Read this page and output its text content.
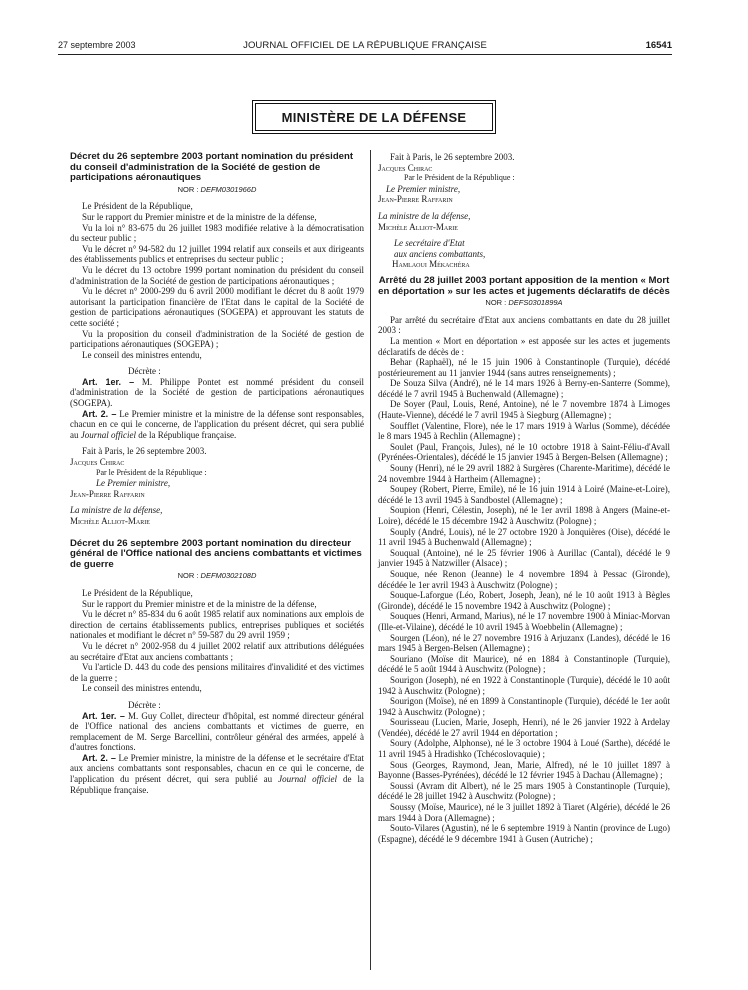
27 septembre 2003	JOURNAL OFFICIEL DE LA RÉPUBLIQUE FRANÇAISE	16541
MINISTÈRE DE LA DÉFENSE
Décret du 26 septembre 2003 portant nomination du président du conseil d'administration de la Société de gestion de participations aéronautiques
NOR : DEFM0301966D

Le Président de la République,

Sur le rapport du Premier ministre et de la ministre de la défense,

Vu la loi n° 83-675 du 26 juillet 1983 modifiée relative à la démocratisation du secteur public ;

Vu le décret n° 94-582 du 12 juillet 1994 relatif aux conseils et aux dirigeants des établissements publics et entreprises du secteur public ;

Vu le décret du 13 octobre 1999 portant nomination du président du conseil d'administration de la Société de gestion de participations aéronautiques ;

Vu le décret n° 2000-299 du 6 avril 2000 modifiant le décret du 8 août 1979 autorisant la participation financière de l'Etat dans le capital de la Société de gestion de participations aéronautiques (SOGEPA) et approuvant les statuts de cette société ;

Vu la proposition du conseil d'administration de la Société de gestion de participations aéronautiques (SOGEPA) ;

Le conseil des ministres entendu,

Décrète :

Art. 1er. – M. Philippe Pontet est nommé président du conseil d'administration de la Société de gestion de participations aéronautiques (SOGEPA).

Art. 2. – Le Premier ministre et la ministre de la défense sont responsables, chacun en ce qui le concerne, de l'application du présent décret, qui sera publié au Journal officiel de la République française.

Fait à Paris, le 26 septembre 2003.

Jacques Chirac

Par le Président de la République :

Le Premier ministre,

Jean-Pierre Raffarin

La ministre de la défense,

Michèle Alliot-Marie

Décret du 26 septembre 2003 portant nomination du directeur général de l'Office national des anciens combattants et victimes de guerre
NOR : DEFM0302108D

Le Président de la République,

Sur le rapport du Premier ministre et de la ministre de la défense,

Vu le décret n° 85-834 du 6 août 1985 relatif aux nominations aux emplois de direction de certains établissements publics, entreprises publiques et sociétés nationales et modifiant le décret n° 59-587 du 29 avril 1959 ;

Vu le décret n° 2002-958 du 4 juillet 2002 relatif aux attributions déléguées au secrétaire d'Etat aux anciens combattants ;

Vu l'article D. 443 du code des pensions militaires d'invalidité et des victimes de la guerre ;

Le conseil des ministres entendu,

Décrète :

Art. 1er. – M. Guy Collet, directeur d'hôpital, est nommé directeur général de l'Office national des anciens combattants et victimes de guerre, en remplacement de M. Serge Barcellini, contrôleur général des armées, appelé à d'autres fonctions.

Art. 2. – Le Premier ministre, la ministre de la défense et le secrétaire d'Etat aux anciens combattants sont responsables, chacun en ce qui le concerne, de l'application du présent décret, qui sera publié au Journal officiel de la République française.

Fait à Paris, le 26 septembre 2003.

Jacques Chirac

Par le Président de la République :

Le Premier ministre,

Jean-Pierre Raffarin

La ministre de la défense,

Michèle Alliot-Marie

Le secrétaire d'Etat

aux anciens combattants,

Hamlaoui Mékachéra

Arrêté du 28 juillet 2003 portant apposition de la mention « Mort en déportation » sur les actes et jugements déclaratifs de décès
NOR : DEFS0301899A

Par arrêté du secrétaire d'Etat aux anciens combattants en date du 28 juillet 2003 :

La mention « Mort en déportation » est apposée sur les actes et jugements déclaratifs de décès de :

Behar (Raphaël), né le 15 juin 1906 à Constantinople (Turquie), décédé postérieurement au 11 janvier 1944 (sans autres renseignements) ;

De Souza Silva (André), né le 14 mars 1926 à Berny-en-Santerre (Somme), décédé le 7 avril 1945 à Buchenwald (Allemagne) ;

De Soyer (Paul, Louis, René, Antoine), né le 7 novembre 1874 à Limoges (Haute-Vienne), décédé le 7 avril 1945 à Siegburg (Allemagne) ;

Soufflet (Valentine, Flore), née le 17 mars 1919 à Warlus (Somme), décédée le 8 mars 1945 à Rechlin (Allemagne) ;

Soulet (Paul, François, Jules), né le 10 octobre 1918 à Saint-Féliu-d'Avall (Pyrénées-Orientales), décédé le 15 janvier 1945 à Bergen-Belsen (Allemagne) ;

Souny (Henri), né le 29 avril 1882 à Surgères (Charente-Maritime), décédé le 24 novembre 1944 à Hartheim (Allemagne) ;

Soupey (Robert, Pierre, Emile), né le 16 juin 1914 à Loiré (Maine-et-Loire), décédé le 13 avril 1945 à Sandbostel (Allemagne) ;

Soupion (Henri, Célestin, Joseph), né le 1er avril 1898 à Angers (Maine-et-Loire), décédé le 15 décembre 1942 à Auschwitz (Pologne) ;

Souply (André, Louis), né le 27 octobre 1920 à Jonquières (Oise), décédé le 11 avril 1945 à Buchenwald (Allemagne) ;

Souqual (Antoine), né le 25 février 1906 à Aurillac (Cantal), décédé le 9 janvier 1945 à Natzwiller (Alsace) ;

Souque, née Renon (Jeanne) le 4 novembre 1894 à Pessac (Gironde), décédée le 1er avril 1943 à Auschwitz (Pologne) ;

Souque-Laforgue (Léo, Robert, Joseph, Jean), né le 10 août 1913 à Bègles (Gironde), décédé le 15 novembre 1942 à Auschwitz (Pologne) ;

Souques (Henri, Armand, Marius), né le 17 novembre 1900 à Miniac-Morvan (Ille-et-Vilaine), décédé le 10 avril 1945 à Woebbelin (Allemagne) ;

Sourgen (Léon), né le 27 novembre 1916 à Arjuzanx (Landes), décédé le 16 mars 1945 à Bergen-Belsen (Allemagne) ;

Souriano (Moïse dit Maurice), né en 1884 à Constantinople (Turquie), décédé le 5 août 1944 à Auschwitz (Pologne) ;

Sourigon (Joseph), né en 1922 à Constantinople (Turquie), décédé le 10 août 1942 à Auschwitz (Pologne) ;

Sourigon (Moïse), né en 1899 à Constantinople (Turquie), décédé le 1er août 1942 à Auschwitz (Pologne) ;

Sourisseau (Lucien, Marie, Joseph, Henri), né le 26 janvier 1922 à Ardelay (Vendée), décédé le 27 avril 1944 en déportation ;

Soury (Adolphe, Alphonse), né le 3 octobre 1904 à Loué (Sarthe), décédé le 11 avril 1945 à Hradishko (Tchécoslovaquie) ;

Sous (Georges, Raymond, Jean, Marie, Alfred), né le 10 juillet 1897 à Bayonne (Basses-Pyrénées), décédé le 12 février 1945 à Dachau (Allemagne) ;

Soussi (Avram dit Albert), né le 25 mars 1905 à Constantinople (Turquie), décédé le 28 juillet 1942 à Auschwitz (Pologne) ;

Soussy (Moïse, Maurice), né le 3 juillet 1892 à Tiaret (Algérie), décédé le 26 mars 1944 à Dora (Allemagne) ;

Souto-Vilares (Agustin), né le 6 septembre 1919 à Nantin (province de Lugo) (Espagne), décédé le 9 décembre 1941 à Gusen (Autriche) ;
